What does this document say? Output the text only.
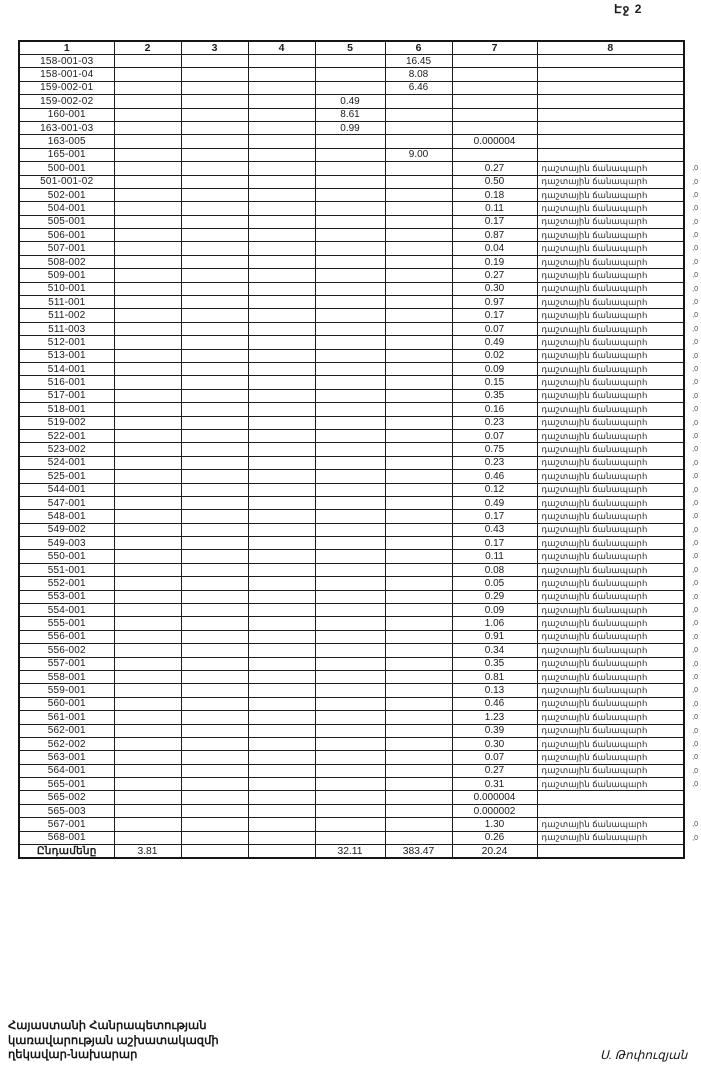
Էջ 2
1	2	3	4	5	6	7	8
158-001-03					16.45		
158-001-04					8.08		
159-002-01					6.46		
159-002-02				0.49			
160-001				8.61			
163-001-03				0.99			
163-005						0.000004	
165-001					9.00		
500-001						0.27	դաշտային ճանապարհ ,0

501-001-02						0.50	դաշտային ճանապարհ ,0

502-001						0.18	դաշտային ճանապարհ ,0

504-001						0.11	դաշտային ճանապարհ ,0

505-001						0.17	դաշտային ճանապարհ ,0

506-001						0.87	դաշտային ճանապարհ ,0

507-001						0.04	դաշտային ճանապարհ ,0

508-002						0.19	դաշտային ճանապարհ ,0

509-001						0.27	դաշտային ճանապարհ ,0

510-001						0.30	դաշտային ճանապարհ ,0

511-001						0.97	դաշտային ճանապարհ ,0

511-002						0.17	դաշտային ճանապարհ ,0

511-003						0.07	դաշտային ճանապարհ ,0

512-001						0.49	դաշտային ճանապարհ ,0

513-001						0.02	դաշտային ճանապարհ ,0

514-001						0.09	դաշտային ճանապարհ ,0

516-001						0.15	դաշտային ճանապարհ ,0

517-001						0.35	դաշտային ճանապարհ ,0

518-001						0.16	դաշտային ճանապարհ ,0

519-002						0.23	դաշտային ճանապարհ ,0

522-001						0.07	դաշտային ճանապարհ ,0

523-002						0.75	դաշտային ճանապարհ ,0

524-001						0.23	դաշտային ճանապարհ ,0

525-001						0.46	դաշտային ճանապարհ ,0

544-001						0.12	դաշտային ճանապարհ ,0

547-001						0.49	դաշտային ճանապարհ ,0

548-001						0.17	դաշտային ճանապարհ ,0

549-002						0.43	դաշտային ճանապարհ ,0

549-003						0.17	դաշտային ճանապարհ ,0

550-001						0.11	դաշտային ճանապարհ ,0

551-001						0.08	դաշտային ճանապարհ ,0

552-001						0.05	դաշտային ճանապարհ ,0

553-001						0.29	դաշտային ճանապարհ ,0

554-001						0.09	դաշտային ճանապարհ ,0

555-001						1.06	դաշտային ճանապարհ ,0

556-001						0.91	դաշտային ճանապարհ ,0

556-002						0.34	դաշտային ճանապարհ ,0

557-001						0.35	դաշտային ճանապարհ ,0

558-001						0.81	դաշտային ճանապարհ ,0

559-001						0.13	դաշտային ճանապարհ ,0

560-001						0.46	դաշտային ճանապարհ ,0

561-001						1.23	դաշտային ճանապարհ ,0

562-001						0.39	դաշտային ճանապարհ ,0

562-002						0.30	դաշտային ճանապարհ ,0

563-001						0.07	դաշտային ճանապարհ ,0

564-001						0.27	դաշտային ճանապարհ ,0

565-001						0.31	դաշտային ճանապարհ ,0

565-002						0.000004	
565-003						0.000002	
567-001						1.30	դաշտային ճանապարհ ,0

568-001						0.26	դաշտային ճանապարհ ,0

Ընդամենը	3.81			32.11	383.47	20.24	
Հայաստանի Հանրապետության
կառավարության աշխատակազմի
ղեկավար-նախարար	Ս. Թոփուզյան
